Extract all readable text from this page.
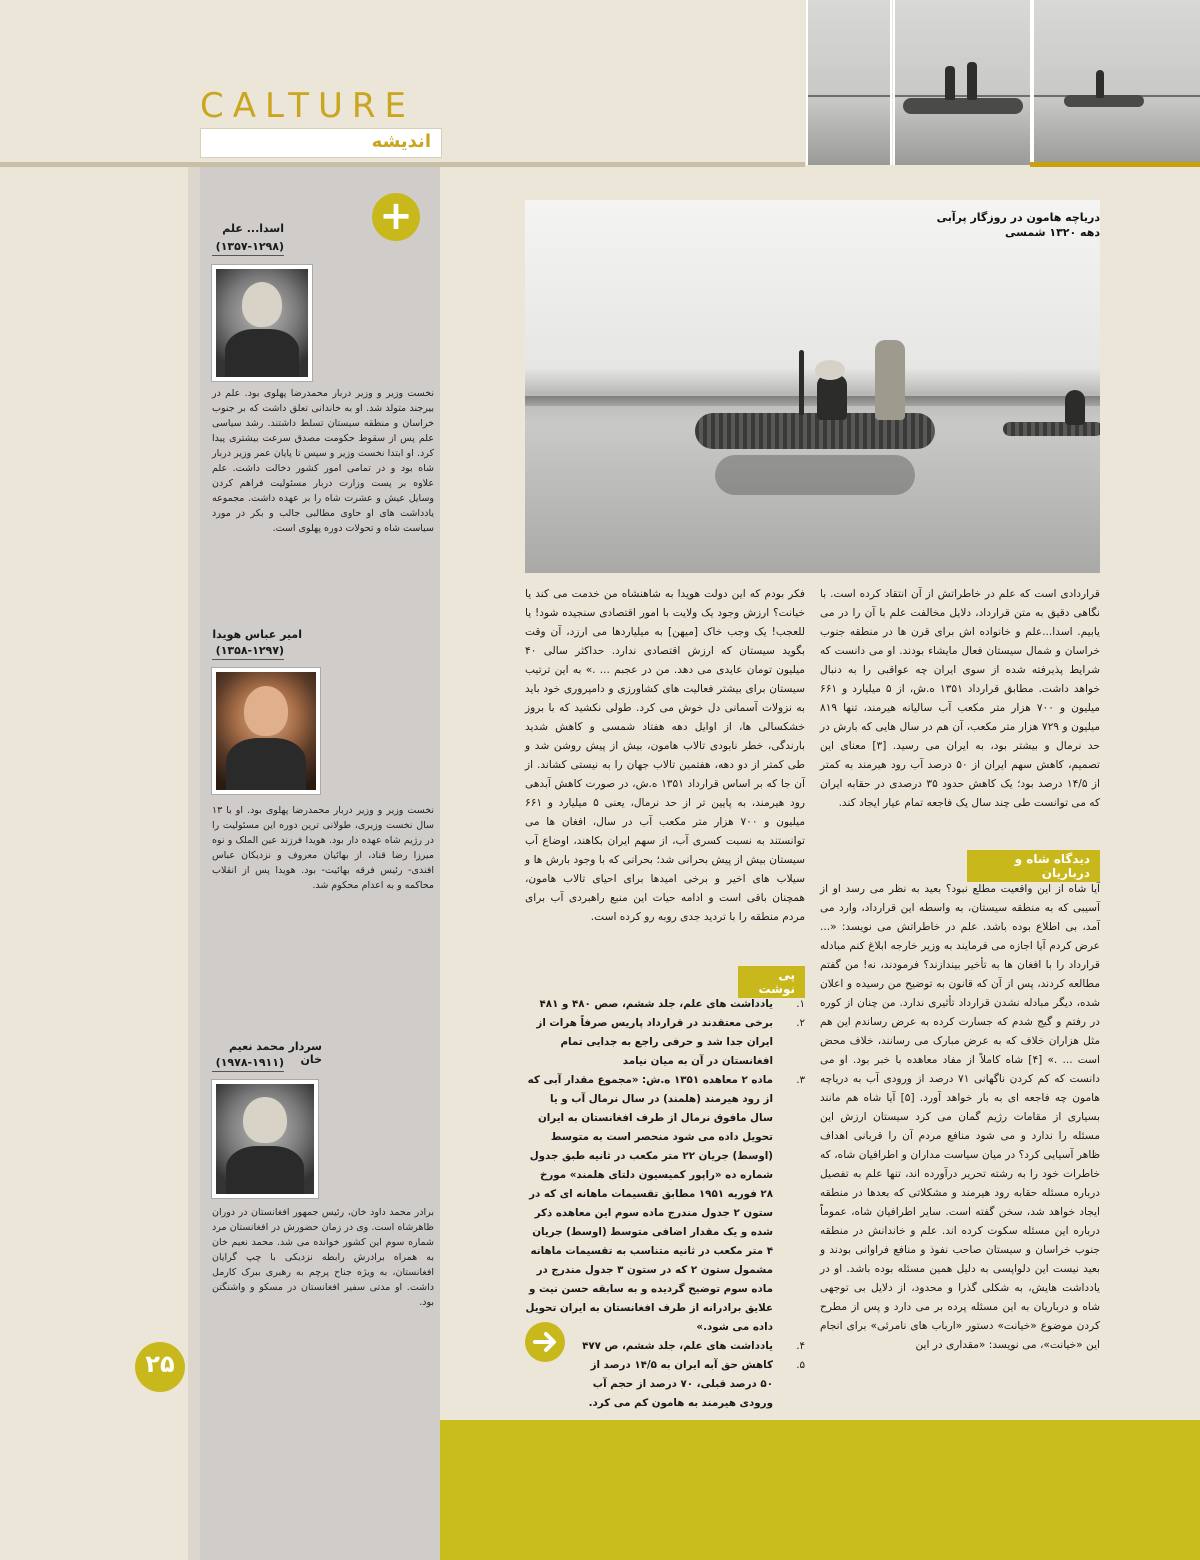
CALTURE
اندیشه
+
اسدا... علم
(۱۳۵۷-۱۲۹۸)
نخست وزیر و وزیر دربار محمدرضا پهلوی بود. علم در بیرجند متولد شد. او به خاندانی تعلق داشت که بر جنوب خراسان و منطقه سیستان تسلط داشتند. رشد سیاسی علم پس از سقوط حکومت مصدق سرعت بیشتری پیدا کرد. او ابتدا نخست وزیر و سپس تا پایان عمر وزیر دربار شاه بود و در تمامی امور کشور دخالت داشت. علم علاوه بر پست وزارت دربار مسئولیت فراهم کردن وسایل عیش و عشرت شاه را بر عهده داشت. مجموعه یادداشت های او حاوی مطالبی جالب و بکر در مورد سیاست شاه و تحولات دوره پهلوی است.
امیر عباس هویدا
(۱۳۵۸-۱۲۹۷)
نخست وزیر و وزیر دربار محمدرضا پهلوی بود. او با ۱۳ سال نخست وزیری، طولانی ترین دوره این مسئولیت را در رژیم شاه عهده دار بود. هویدا فرزند عین الملک و نوه میرزا رضا قناد، از بهائیان معروف و نزدیکان عباس افندی- رئیس فرقه بهائیت- بود. هویدا پس از انقلاب محاکمه و به اعدام محکوم شد.
سردار محمد نعیم خان
(۱۹۷۸-۱۹۱۱)
برادر محمد داود خان، رئیس جمهور افغانستان در دوران ظاهرشاه است. وی در زمان حضورش در افغانستان مرد شماره سوم این کشور خوانده می شد. محمد نعیم خان به همراه برادرش رابطه نزدیکی با چپ گرایان افغانستان، به ویژه جناح پرچم به رهبری ببرک کارمل داشت. او مدتی سفیر افغانستان در مسکو و واشنگتن بود.
۲۵
دریاچه هامون در روزگار پرآبی
دهه ۱۳۲۰ شمسی

قراردادی است که علم در خاطراتش از آن انتقاد کرده است. با نگاهی دقیق به متن قرارداد، دلایل مخالفت علم با آن را در می یابیم. اسدا...علم و خانواده اش برای قرن ها در منطقه جنوب خراسان و شمال سیستان فعال مایشاء بودند. او می دانست که شرایط پذیرفته شده از سوی ایران چه عواقبی را به دنبال خواهد داشت. مطابق قرارداد ۱۳۵۱ ه.ش، از ۵ میلیارد و ۶۶۱ میلیون و ۷۰۰ هزار متر مکعب آب سالیانه هیرمند، تنها ۸۱۹ میلیون و ۷۲۹ هزار متر مکعب، آن هم در سال هایی که بارش در حد نرمال و بیشتر بود، به ایران می رسید. [۳] معنای این تصمیم، کاهش سهم ایران از ۵۰ درصد آب رود هیرمند به کمتر از ۱۴/۵ درصد بود؛ یک کاهش حدود ۳۵ درصدی در حقابه ایران که می توانست طی چند سال یک فاجعه تمام عیار ایجاد کند.

دیدگاه شاه و درباریان

آیا شاه از این واقعیت مطلع نبود؟ بعید به نظر می رسد او از آسیبی که به منطقه سیستان، به واسطه این قرارداد، وارد می آمد، بی اطلاع بوده باشد. علم در خاطراتش می نویسد: «... عرض کردم آیا اجازه می فرمایند به وزیر خارجه ابلاغ کنم مبادله قرارداد را با افغان ها به تأخیر بیندازند؟ فرمودند، نه! من گفتم مطالعه کردند، پس از آن که قانون به توضیح من رسیده و اعلان شده، دیگر مبادله نشدن قرارداد تأثیری ندارد. من چنان از کوره در رفتم و گیج شدم که جسارت کرده به عرض رساندم این هم مثل هزاران خلاف که به عرض مبارک می رسانند، خلاف محض است ... .» [۴] شاه کاملاً از مفاد معاهده با خبر بود. او می دانست که کم کردن ناگهانی ۷۱ درصد از ورودی آب به دریاچه هامون چه فاجعه ای به بار خواهد آورد. [۵] آیا شاه هم مانند بسیاری از مقامات رژیم گمان می کرد سیستان ارزش این مسئله را ندارد و می شود منافع مردم آن را قربانی اهداف ظاهر آسیایی کرد؟ در میان سیاست مداران و اطرافیان شاه، که خاطرات خود را به رشته تحریر درآورده اند، تنها علم به تفصیل درباره مسئله حقابه رود هیرمند و مشکلاتی که بعدها در منطقه ایجاد خواهد شد، سخن گفته است. سایر اطرافیان شاه، عموماً درباره این مسئله سکوت کرده اند. علم و خاندانش در منطقه جنوب خراسان و سیستان صاحب نفوذ و منافع فراوانی بودند و بعید نیست این دلواپسی به دلیل همین مسئله بوده باشد. او در یادداشت هایش، به شکلی گذرا و محدود، از دلایل بی توجهی شاه و درباریان به این مسئله پرده بر می دارد و پس از مطرح کردن موضوع «خیانت» دستور «ارباب های نامرئی» برای انجام این «خیانت»، می نویسد: «مقداری در این

فکر بودم که این دولت هویدا به شاهنشاه من خدمت می کند یا خیانت؟ ارزش وجود یک ولایت با امور اقتصادی سنجیده شود! یا للعجب! یک وجب خاک [میهن] به میلیاردها می ارزد، آن وقت بگوید سیستان که ارزش اقتصادی ندارد. حداکثر سالی ۴۰ میلیون تومان عایدی می دهد. من در عجبم ... .» به این ترتیب سیستان برای بیشتر فعالیت های کشاورزی و دامپروری خود باید به نزولات آسمانی دل خوش می کرد. طولی نکشید که با بروز خشکسالی ها، از اوایل دهه هفتاد شمسی و کاهش شدید بارندگی، خطر نابودی تالاب هامون، بیش از پیش روشن شد و طی کمتر از دو دهه، هفتمین تالاب جهان را به نیستی کشاند. از آن جا که بر اساس قرارداد ۱۳۵۱ ه.ش، در صورت کاهش آبدهی رود هیرمند، به پایین تر از حد نرمال، یعنی ۵ میلیارد و ۶۶۱ میلیون و ۷۰۰ هزار متر مکعب آب در سال، افغان ها می توانستند به نسبت کسری آب، از سهم ایران بکاهند، اوضاع آب سیستان بیش از پیش بحرانی شد؛ بحرانی که با وجود بارش ها و سیلاب های اخیر و برخی امیدها برای احیای تالاب هامون، همچنان باقی است و ادامه حیات این منبع راهبردی آب برای مردم منطقه را با تردید جدی روبه رو کرده است.

پی نوشت
۱.
یادداشت های علم، جلد ششم، صص ۴۸۰ و ۴۸۱
۲.
برخی معتقدند در قرارداد پاریس صرفاً هرات از ایران جدا شد و حرفی راجع به جدایی تمام افغانستان در آن به میان نیامد
۳.
ماده ۲ معاهده ۱۳۵۱ ه.ش: «مجموع مقدار آبی که از رود هیرمند (هلمند) در سال نرمال آب و یا سال مافوق نرمال از طرف افغانستان به ایران تحویل داده می شود منحصر است به متوسط (اوسط) جریان ۲۲ متر مکعب در ثانیه طبق جدول شماره ده «راپور کمیسیون دلتای هلمند» مورخ ۲۸ فوریه ۱۹۵۱ مطابق تقسیمات ماهانه ای که در ستون ۲ جدول مندرج ماده سوم این معاهده ذکر شده و یک مقدار اضافی متوسط (اوسط) جریان ۴ متر مکعب در ثانیه متناسب به تقسیمات ماهانه مشمول ستون ۲ که در ستون ۳ جدول مندرج در ماده سوم توضیح گردیده و به سابقه حسن نیت و علایق برادرانه از طرف افغانستان به ایران تحویل داده می شود.»
۴.
یادداشت های علم، جلد ششم، ص ۴۷۷
۵.
کاهش حق آبه ایران به ۱۴/۵ درصد از ۵۰ درصد قبلی، ۷۰ درصد از حجم آب ورودی هیرمند به هامون کم می کرد.
